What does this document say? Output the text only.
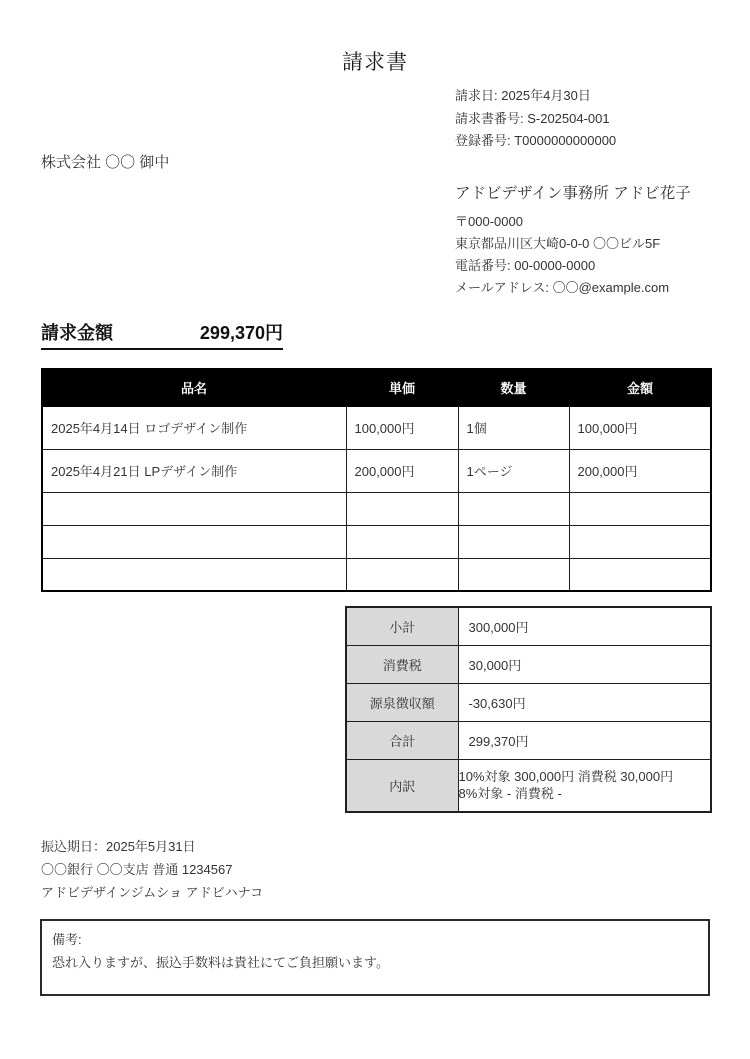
請求書
請求日: 2025年4月30日
請求書番号: S-202504-001
登録番号: T0000000000000
株式会社 〇〇 御中
アドビデザイン事務所 アドビ花子
〒000-0000
東京都品川区大崎0-0-0 〇〇ビル5F
電話番号: 00-0000-0000
メールアドレス: 〇〇@example.com
請求金額	299,370円
品名	単価	数量	金額
2025年4月14日 ロゴデザイン制作	100,000円	1個	100,000円
2025年4月21日 LPデザイン制作	200,000円	1ページ	200,000円

小計	300,000円
消費税	30,000円
源泉徴収額	-30,630円
合計	299,370円
内訳	10%対象 300,000円 消費税 30,000円
8%対象 - 消費税 -
振込期日：2025年5月31日
〇〇銀行 〇〇支店 普通 1234567
アドビデザインジムショ アドビハナコ
備考:
恐れ入りますが、振込手数料は貴社にてご負担願います。
